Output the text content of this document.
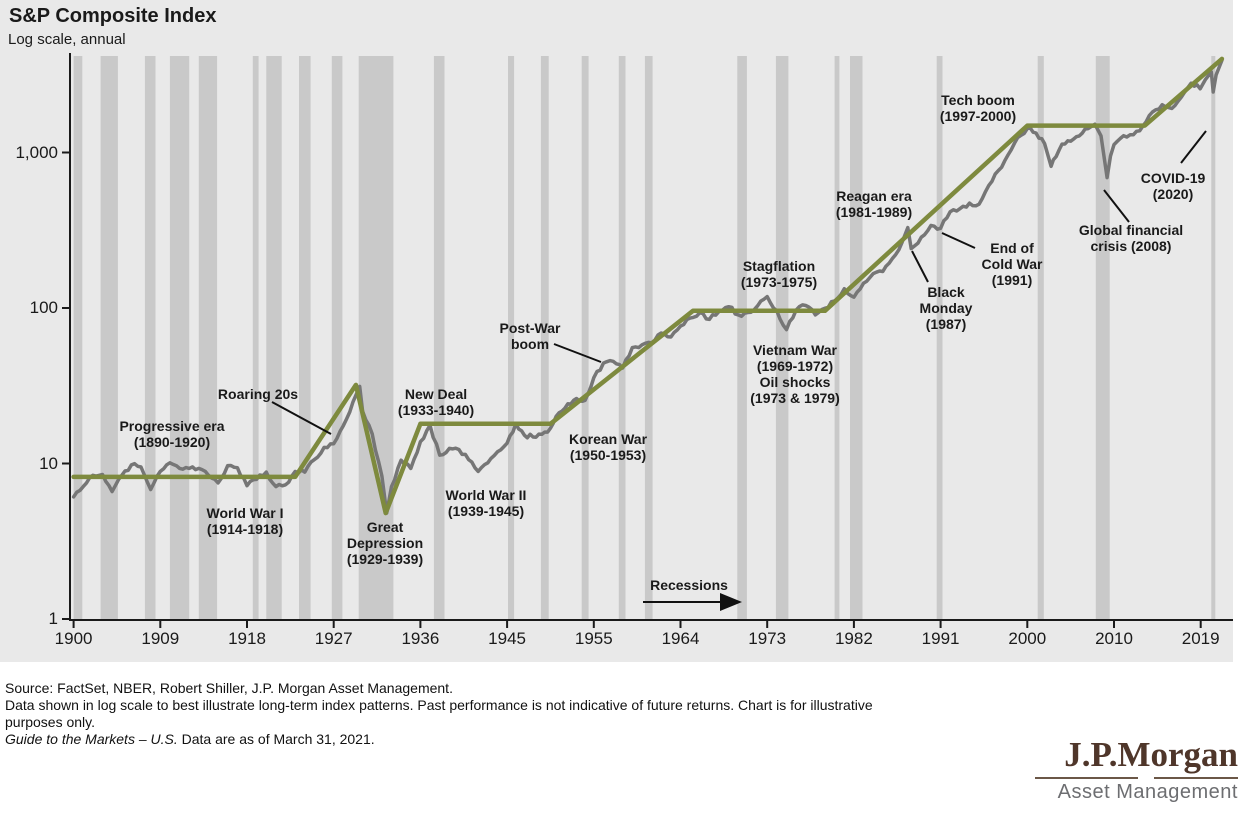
S&P Composite Index
Log scale, annual
1
10
100
1,000
1900	1909	1918	1927	1936	1945	1955	1964	1973	1982	1991	2000	2010	2019
Progressive era
(1890-1920)
World War I
(1914-1918)
Roaring 20s
Great
Depression
(1929-1939)
New Deal
(1933-1940)
World War II
(1939-1945)
Post-War
boom
Korean War
(1950-1953)
Stagflation
(1973-1975)
Vietnam War
(1969-1972)
Oil shocks
(1973 & 1979)
Reagan era
(1981-1989)
Black
Monday
(1987)
End of
Cold War
(1991)
Tech boom
(1997-2000)
Global financial
crisis (2008)
COVID-19
(2020)
Recessions
Source: FactSet, NBER, Robert Shiller, J.P. Morgan Asset Management.
Data shown in log scale to best illustrate long-term index patterns. Past performance is not indicative of future returns. Chart is for illustrative
purposes only.
Guide to the Markets – U.S. Data are as of March 31, 2021.	J.P.Morgan
Asset Management
